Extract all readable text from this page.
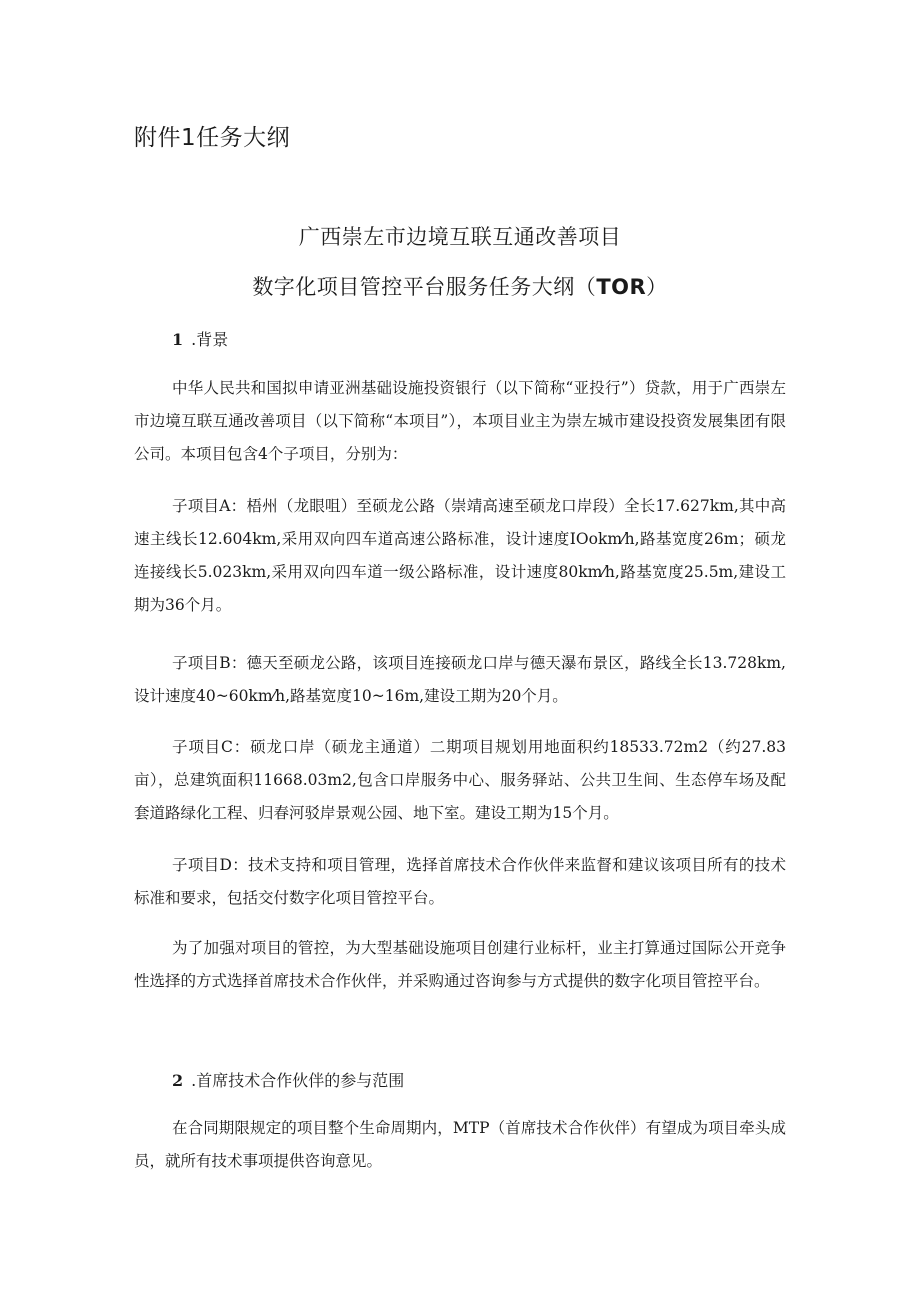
附件1任务大纲
广西崇左市边境互联互通改善项目
数字化项目管控平台服务任务大纲（TOR）
1 .背景

中华人民共和国拟申请亚洲基础设施投资银行（以下简称“亚投行”）贷款，用于广西崇左市边境互联互通改善项目（以下简称“本项目”），本项目业主为崇左城市建设投资发展集团有限公司。本项目包含4个子项目，分别为：

子项目A：梧州（龙眼咀）至硕龙公路（崇靖高速至硕龙口岸段）全长17.627km,其中高速主线长12.604km,采用双向四车道高速公路标准，设计速度IOokm⁄h,路基宽度26m；硕龙连接线长5.023km,采用双向四车道一级公路标准，设计速度80km⁄h,路基宽度25.5m,建设工期为36个月。

子项目B：德天至硕龙公路，该项目连接硕龙口岸与德天瀑布景区，路线全长13.728km,设计速度40~60km⁄h,路基宽度10~16m,建设工期为20个月。

子项目C：硕龙口岸（硕龙主通道）二期项目规划用地面积约18533.72m2（约27.83亩），总建筑面积11668.03m2,包含口岸服务中心、服务驿站、公共卫生间、生态停车场及配套道路绿化工程、归春河驳岸景观公园、地下室。建设工期为15个月。

子项目D：技术支持和项目管理，选择首席技术合作伙伴来监督和建议该项目所有的技术标准和要求，包括交付数字化项目管控平台。

为了加强对项目的管控，为大型基础设施项目创建行业标杆，业主打算通过国际公开竞争性选择的方式选择首席技术合作伙伴，并采购通过咨询参与方式提供的数字化项目管控平台。

2 .首席技术合作伙伴的参与范围

在合同期限规定的项目整个生命周期内，MTP（首席技术合作伙伴）有望成为项目牵头成员，就所有技术事项提供咨询意见。
